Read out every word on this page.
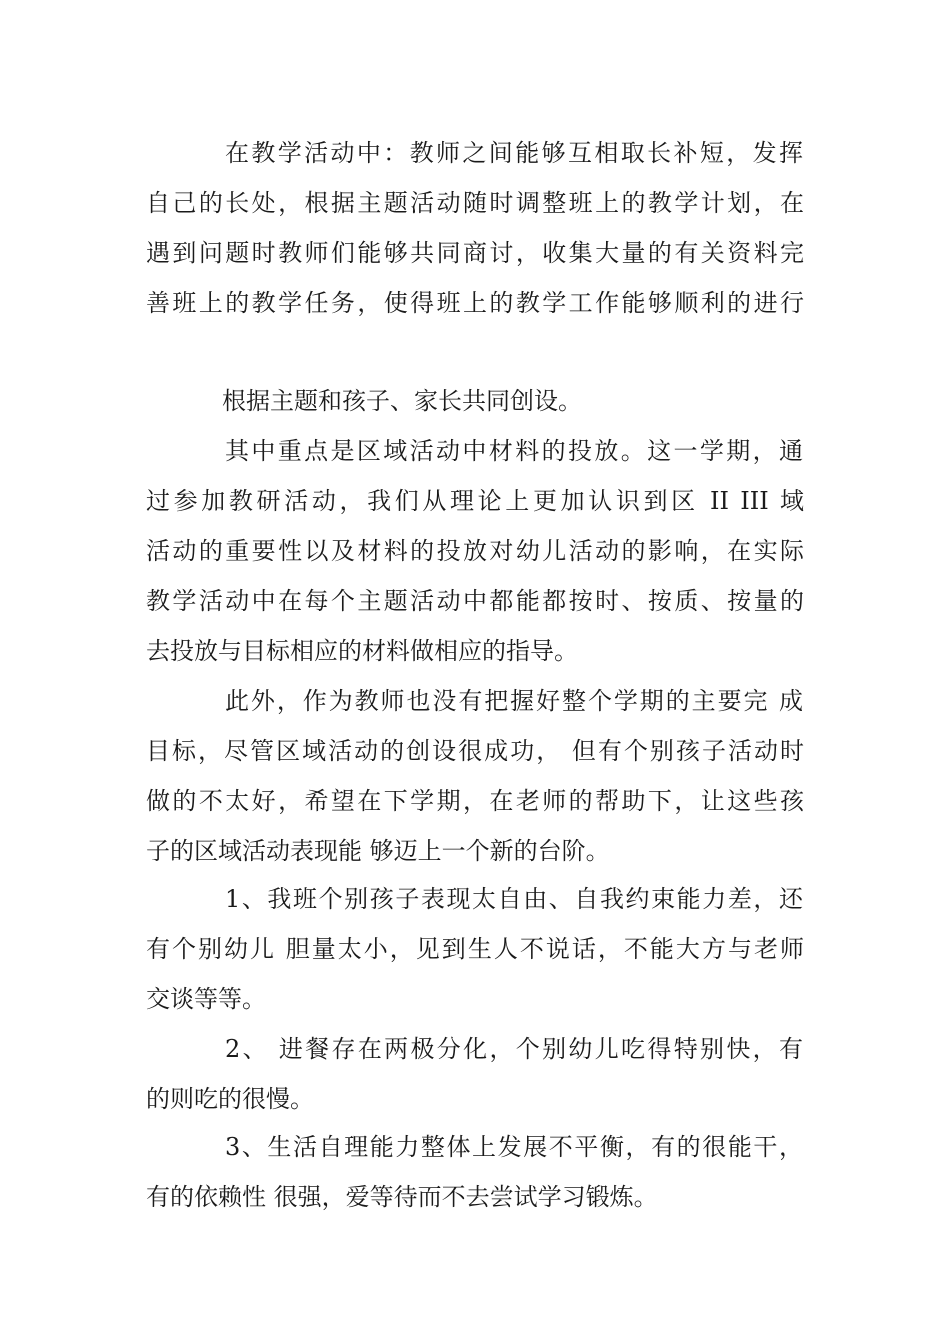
在教学活动中：教师之间能够互相取长补短，发挥
自己的长处，根据主题活动随时调整班上的教学计划，在
遇到问题时教师们能够共同商讨，收集大量的有关资料完
善班上的教学任务，使得班上的教学工作能够顺利的进行
根据主题和孩子、家长共同创设。
其中重点是区域活动中材料的投放。这一学期，通
过参加教研活动，我们从理论上更加认识到区 II III 域
活动的重要性以及材料的投放对幼儿活动的影响，在实际
教学活动中在每个主题活动中都能都按时、按质、按量的
去投放与目标相应的材料做相应的指导。
此外，作为教师也没有把握好整个学期的主要完 成
目标，尽管区域活动的创设很成功， 但有个别孩子活动时
做的不太好，希望在下学期，在老师的帮助下，让这些孩
子的区域活动表现能 够迈上一个新的台阶。
1、我班个别孩子表现太自由、自我约束能力差，还
有个别幼儿 胆量太小，见到生人不说话，不能大方与老师
交谈等等。
2、 进餐存在两极分化，个别幼儿吃得特别快，有
的则吃的很慢。
3、生活自理能力整体上发展不平衡，有的很能干，
有的依赖性 很强，爱等待而不去尝试学习锻炼。
